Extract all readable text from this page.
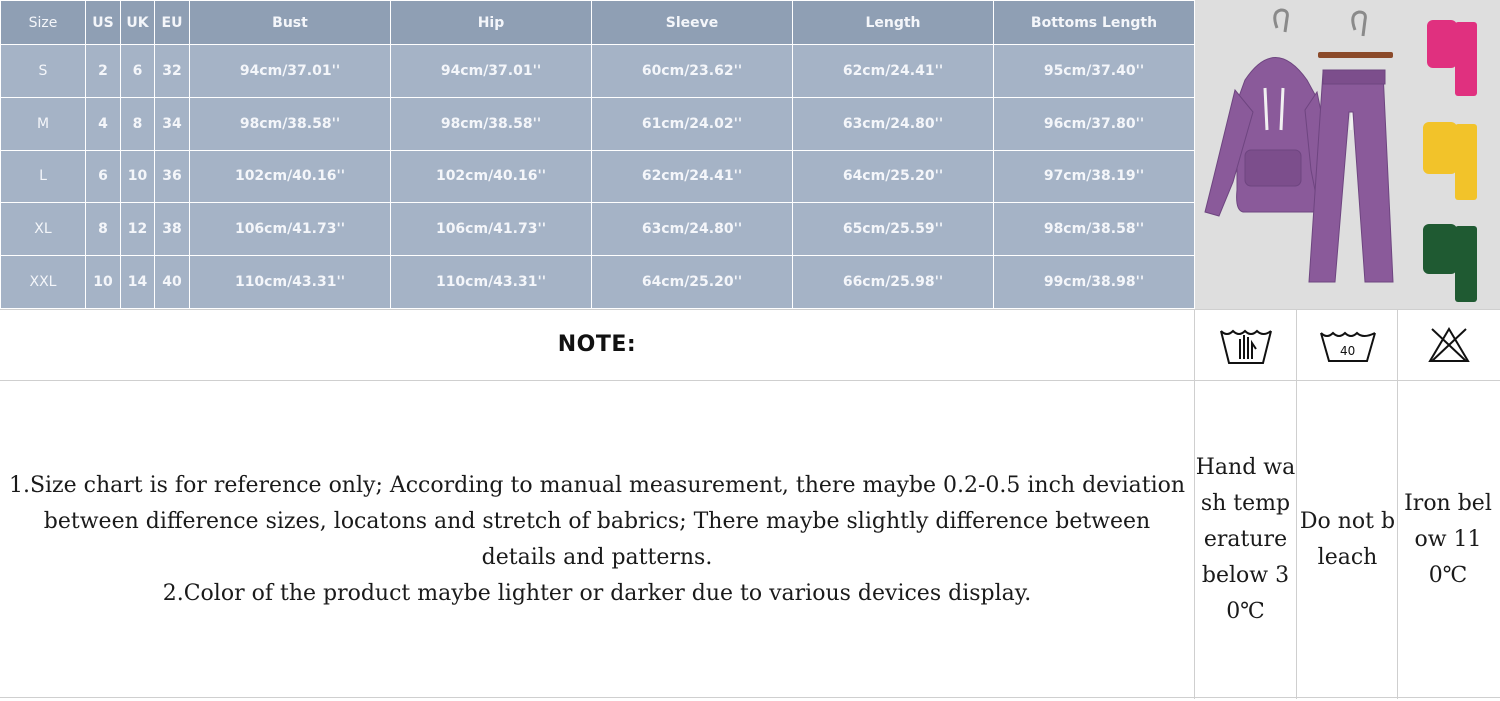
Size	US	UK	EU	Bust	Hip	Sleeve	Length	Bottoms Length
S	2	6	32	94cm/37.01''	94cm/37.01''	60cm/23.62''	62cm/24.41''	95cm/37.40''
M	4	8	34	98cm/38.58''	98cm/38.58''	61cm/24.02''	63cm/24.80''	96cm/37.80''
L	6	10	36	102cm/40.16''	102cm/40.16''	62cm/24.41''	64cm/25.20''	97cm/38.19''
XL	8	12	38	106cm/41.73''	106cm/41.73''	63cm/24.80''	65cm/25.59''	98cm/38.58''
XXL	10	14	40	110cm/43.31''	110cm/43.31''	64cm/25.20''	66cm/25.98''	99cm/38.98''
NOTE:	40

1.Size chart is for reference only; According to manual measurement, there maybe 0.2-0.5 inch deviation between difference sizes, locatons and stretch of babrics; There maybe slightly difference between details and patterns.

2.Color of the product maybe lighter or darker due to various devices display.

Hand wash temperature below 30℃
Do not bleach
Iron below 110℃
